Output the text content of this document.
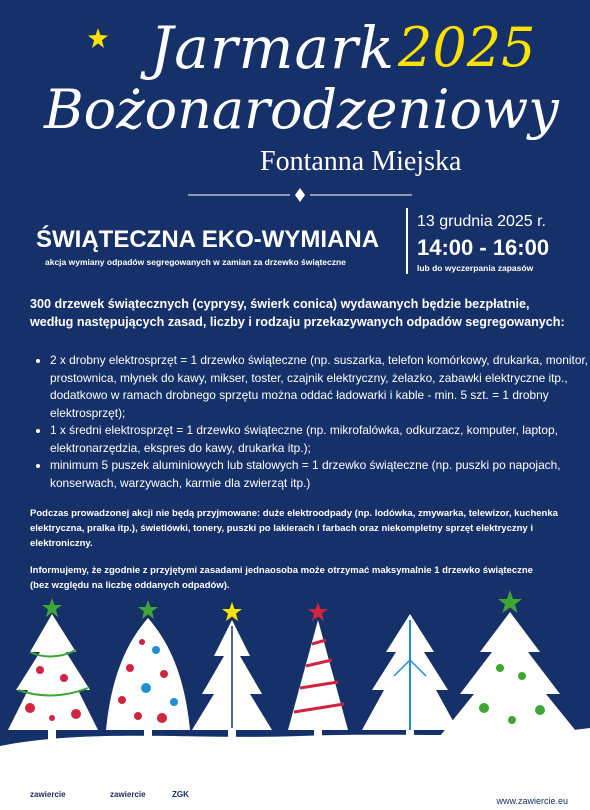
Jarmark 2025
Bożonarodzeniowy
Fontanna Miejska
ŚWIĄTECZNA EKO-WYMIANA
akcja wymiany odpadów segregowanych w zamian za drzewko świąteczne
13 grudnia 2025 r.
14:00 - 16:00
lub do wyczerpania zapasów
300 drzewek świątecznych (cyprysy, świerk conica) wydawanych będzie bezpłatnie, według następujących zasad, liczby i rodzaju przekazywanych odpadów segregowanych:
• 2 x drobny elektrosprzęt = 1 drzewko świąteczne (np. suszarka, telefon komórkowy, drukarka, monitor, prostownica, młynek do kawy, mikser, toster, czajnik elektryczny, żelazko, zabawki elektryczne itp., dodatkowo w ramach drobnego sprzętu można oddać ładowarki i kable - min. 5 szt. = 1 drobny elektrosprzęt);
• 1 x średni elektrosprzęt = 1 drzewko świąteczne (np. mikrofalówka, odkurzacz, komputer, laptop, elektronarzędzia, ekspres do kawy, drukarka itp.);
• minimum 5 puszek aluminiowych lub stalowych = 1 drzewko świąteczne (np. puszki po napojach, konserwach, warzywach, karmie dla zwierząt itp.)
Podczas prowadzonej akcji nie będą przyjmowane: duże elektroodpady (np. lodówka, zmywarka, telewizor, kuchenka elektryczna, pralka itp.), świetlówki, tonery, puszki po lakierach i farbach oraz niekompletny sprzęt elektryczny i elektroniczny.
Informujemy, że zgodnie z przyjętymi zasadami jednaosoba może otrzymać maksymalnie 1 drzewko świąteczne (bez względu na liczbę oddanych odpadów).
zawiercie	zawiercie	ZGK
www.zawiercie.eu
